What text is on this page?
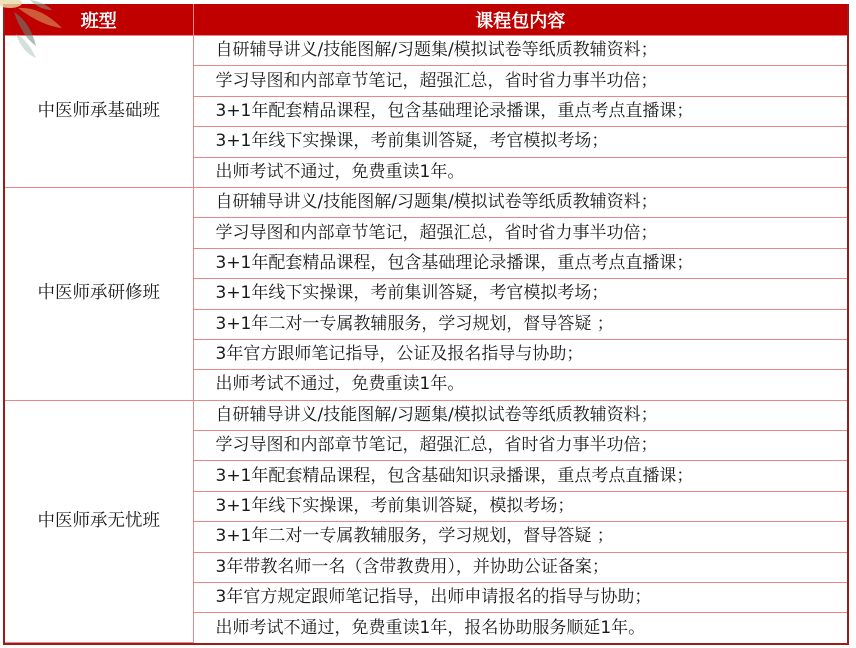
班型	课程包内容
中医师承基础班	自研辅导讲义/技能图解/习题集/模拟试卷等纸质教辅资料；
	学习导图和内部章节笔记，超强汇总，省时省力事半功倍；
	3+1年配套精品课程，包含基础理论录播课，重点考点直播课；
	3+1年线下实操课，考前集训答疑，考官模拟考场；
	出师考试不通过，免费重读1年。
中医师承研修班	自研辅导讲义/技能图解/习题集/模拟试卷等纸质教辅资料；
	学习导图和内部章节笔记，超强汇总，省时省力事半功倍；
	3+1年配套精品课程，包含基础理论录播课，重点考点直播课；
	3+1年线下实操课，考前集训答疑，考官模拟考场；
	3+1年二对一专属教辅服务，学习规划，督导答疑 ；
	3年官方跟师笔记指导，公证及报名指导与协助；
	出师考试不通过，免费重读1年。
中医师承无忧班	自研辅导讲义/技能图解/习题集/模拟试卷等纸质教辅资料；
	学习导图和内部章节笔记，超强汇总，省时省力事半功倍；
	3+1年配套精品课程，包含基础知识录播课，重点考点直播课；
	3+1年线下实操课，考前集训答疑，模拟考场；
	3+1年二对一专属教辅服务，学习规划，督导答疑 ；
	3年带教名师一名（含带教费用），并协助公证备案；
	3年官方规定跟师笔记指导，出师申请报名的指导与协助；
	出师考试不通过，免费重读1年，报名协助服务顺延1年。
